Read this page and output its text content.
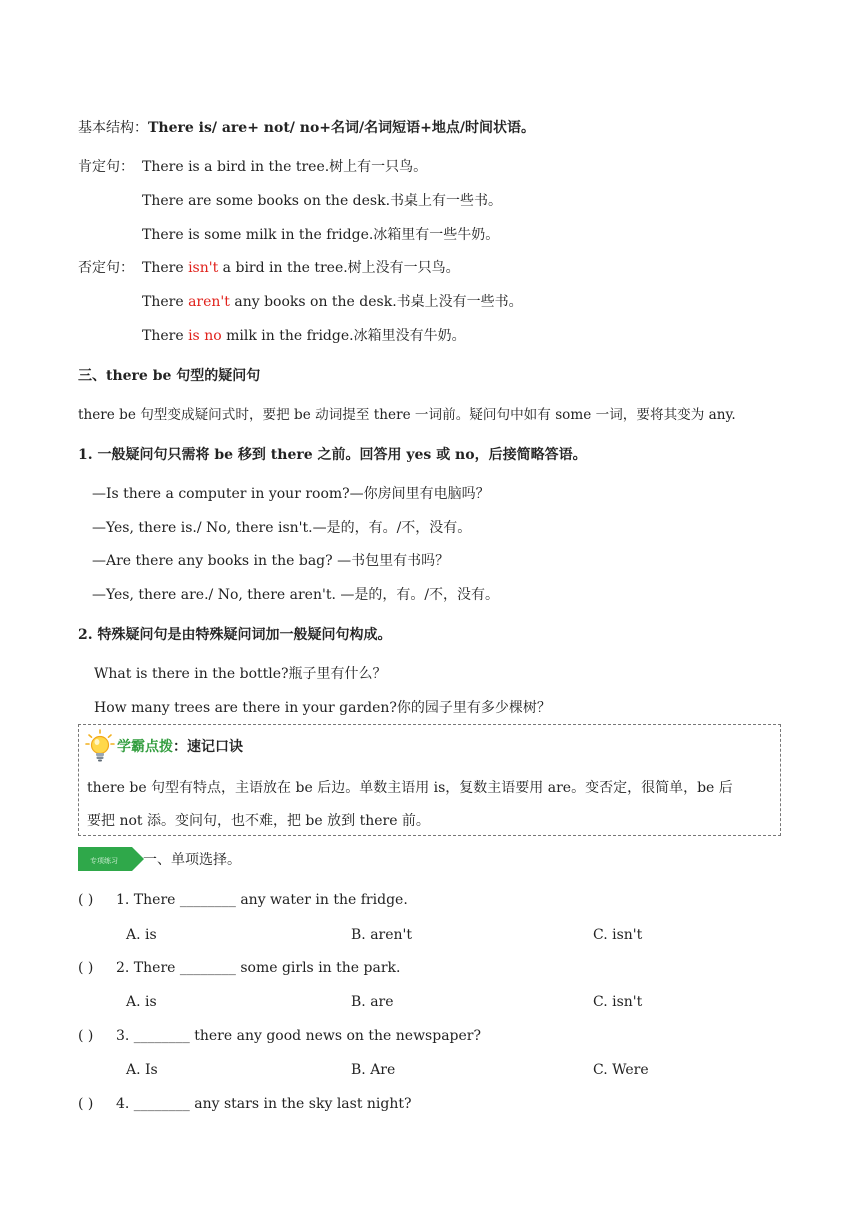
基本结构：There is/ are+ not/ no+名词/名词短语+地点/时间状语。
肯定句： There is a bird in the tree.树上有一只鸟。
There are some books on the desk.书桌上有一些书。
There is some milk in the fridge.冰箱里有一些牛奶。
否定句： There isn't a bird in the tree.树上没有一只鸟。
There aren't any books on the desk.书桌上没有一些书。
There is no milk in the fridge.冰箱里没有牛奶。
三、there be 句型的疑问句
there be 句型变成疑问式时，要把 be 动词提至 there 一词前。疑问句中如有 some 一词，要将其变为 any.
1. 一般疑问句只需将 be 移到 there 之前。回答用 yes 或 no，后接简略答语。
—Is there a computer in your room?—你房间里有电脑吗？
—Yes, there is./ No, there isn't.—是的，有。/不，没有。
—Are there any books in the bag? —书包里有书吗？
—Yes, there are./ No, there aren't. —是的，有。/不，没有。
2. 特殊疑问句是由特殊疑问词加一般疑问句构成。
What is there in the bottle?瓶子里有什么？
How many trees are there in your garden?你的园子里有多少棵树？
学霸点拨：速记口诀
there be 句型有特点，主语放在 be 后边。单数主语用 is，复数主语要用 are。变否定，很简单，be 后
要把 not 添。变问句，也不难，把 be 放到 there 前。
专项练习 一、单项选择。
( ) 1. There ________ any water in the fridge.
A. is	B. aren't	C. isn't
( ) 2. There ________ some girls in the park.
A. is	B. are	C. isn't
( ) 3. ________ there any good news on the newspaper?
A. Is	B. Are	C. Were
( ) 4. ________ any stars in the sky last night?
